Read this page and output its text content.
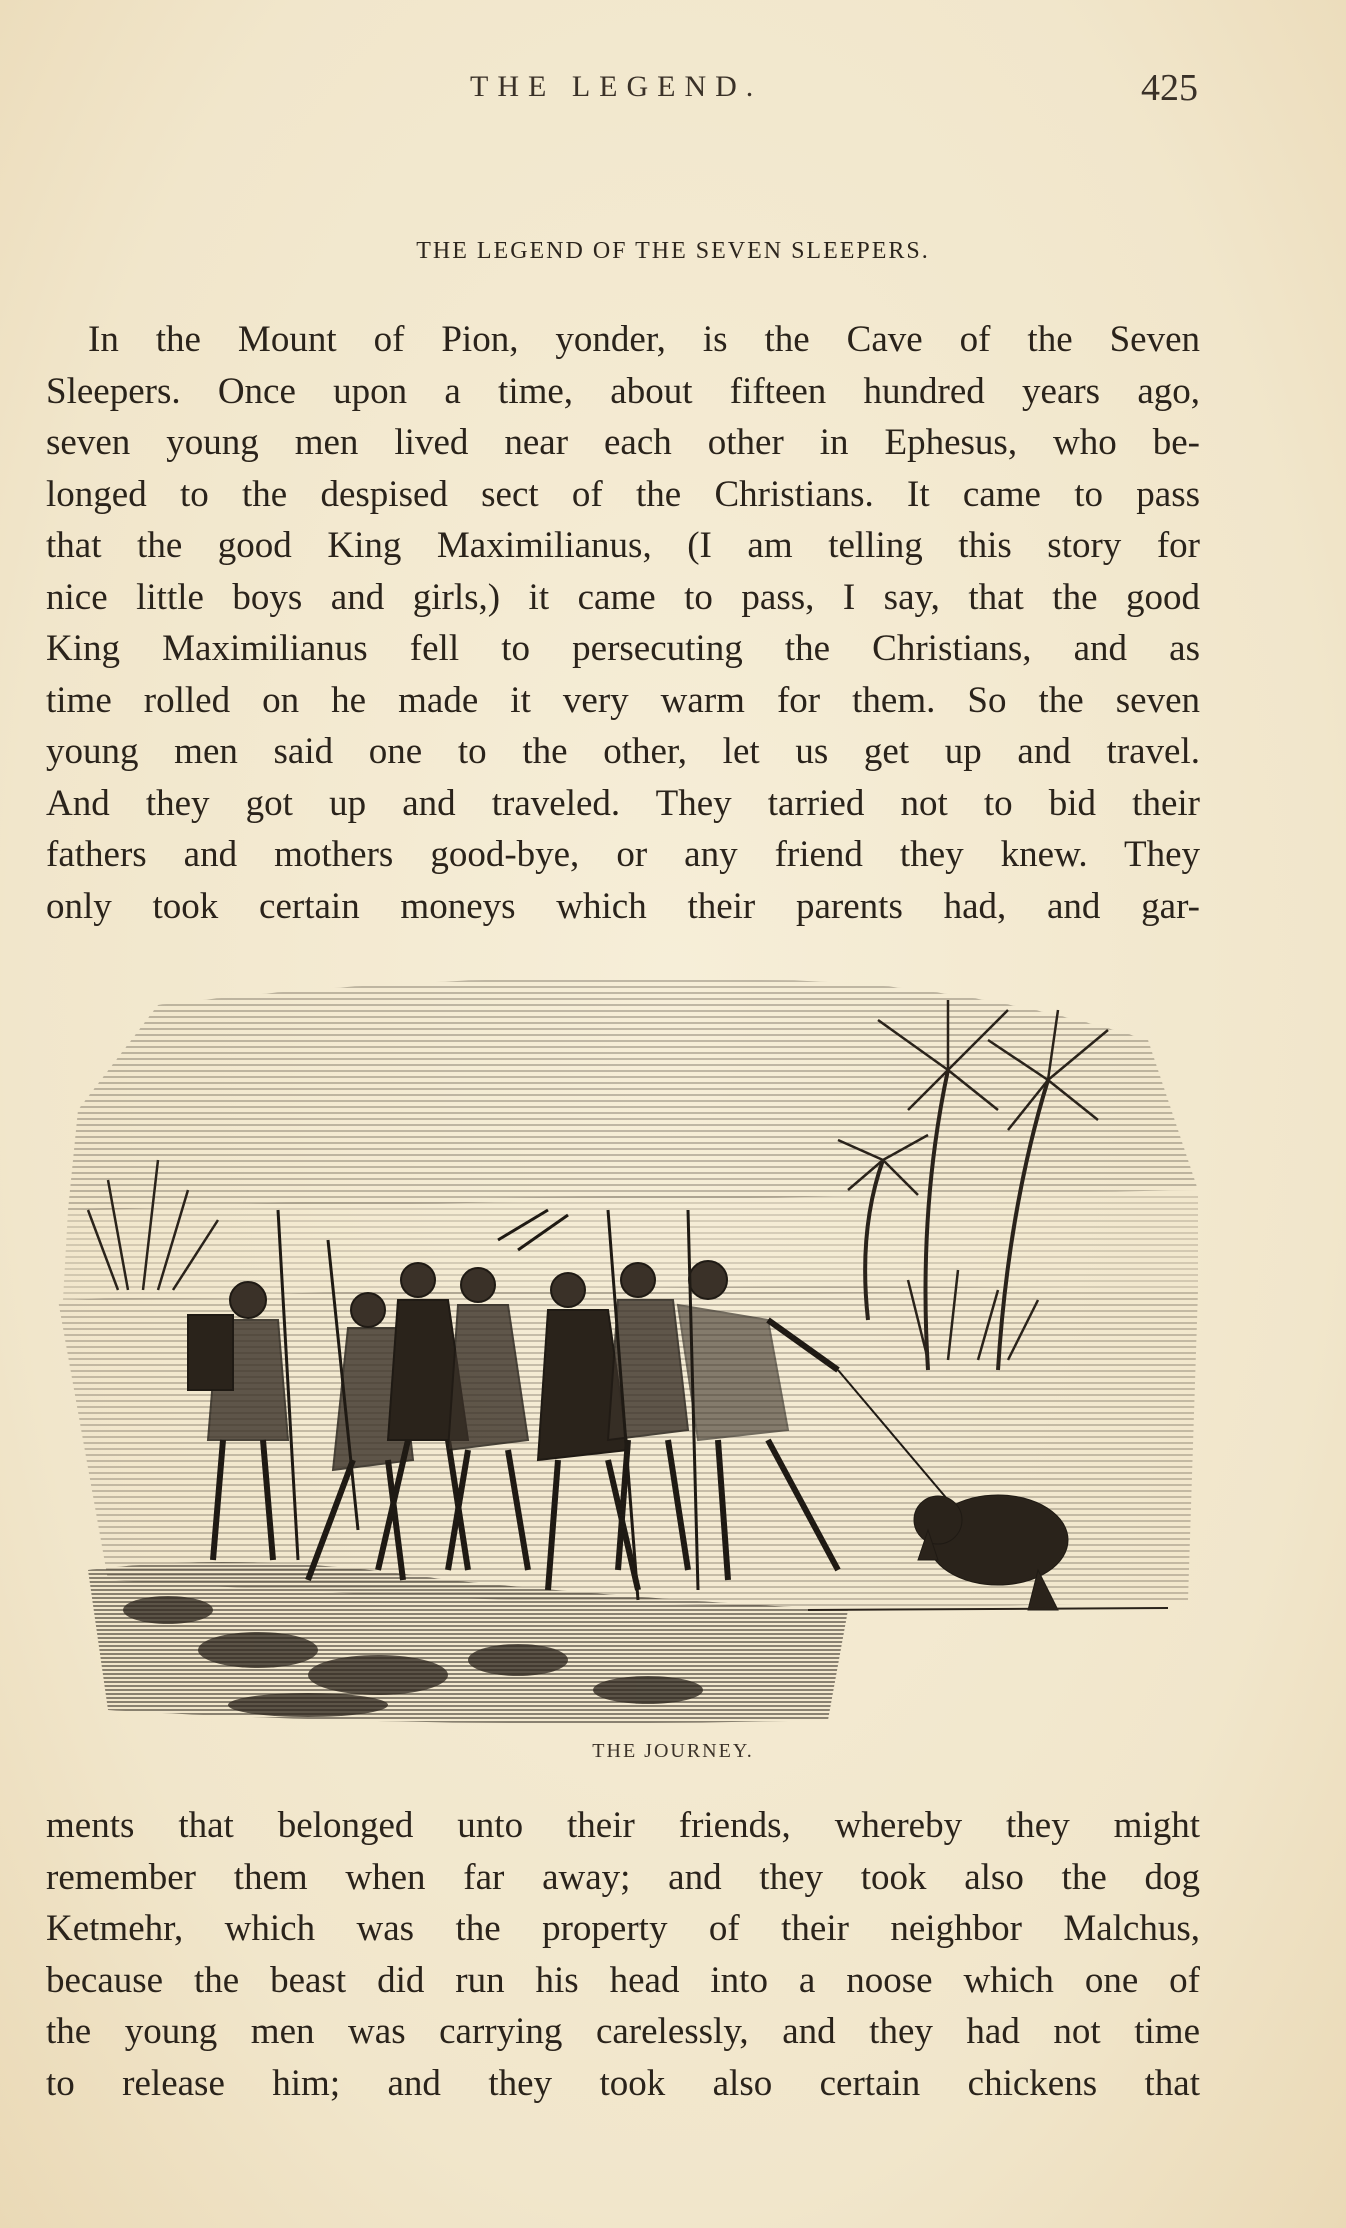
THE LEGEND.	425
THE LEGEND OF THE SEVEN SLEEPERS.
In the Mount of Pion, yonder, is the Cave of the Seven
Sleepers. Once upon a time, about fifteen hundred years ago,
seven young men lived near each other in Ephesus, who be-
longed to the despised sect of the Christians. It came to pass
that the good King Maximilianus, (I am telling this story for
nice little boys and girls,) it came to pass, I say, that the good
King Maximilianus fell to persecuting the Christians, and as
time rolled on he made it very warm for them. So the seven
young men said one to the other, let us get up and travel.
And they got up and traveled. They tarried not to bid their
fathers and mothers good-bye, or any friend they knew. They
only took certain moneys which their parents had, and gar-
THE JOURNEY.
ments that belonged unto their friends, whereby they might
remember them when far away; and they took also the dog
Ketmehr, which was the property of their neighbor Malchus,
because the beast did run his head into a noose which one of
the young men was carrying carelessly, and they had not time
to release him; and they took also certain chickens that
